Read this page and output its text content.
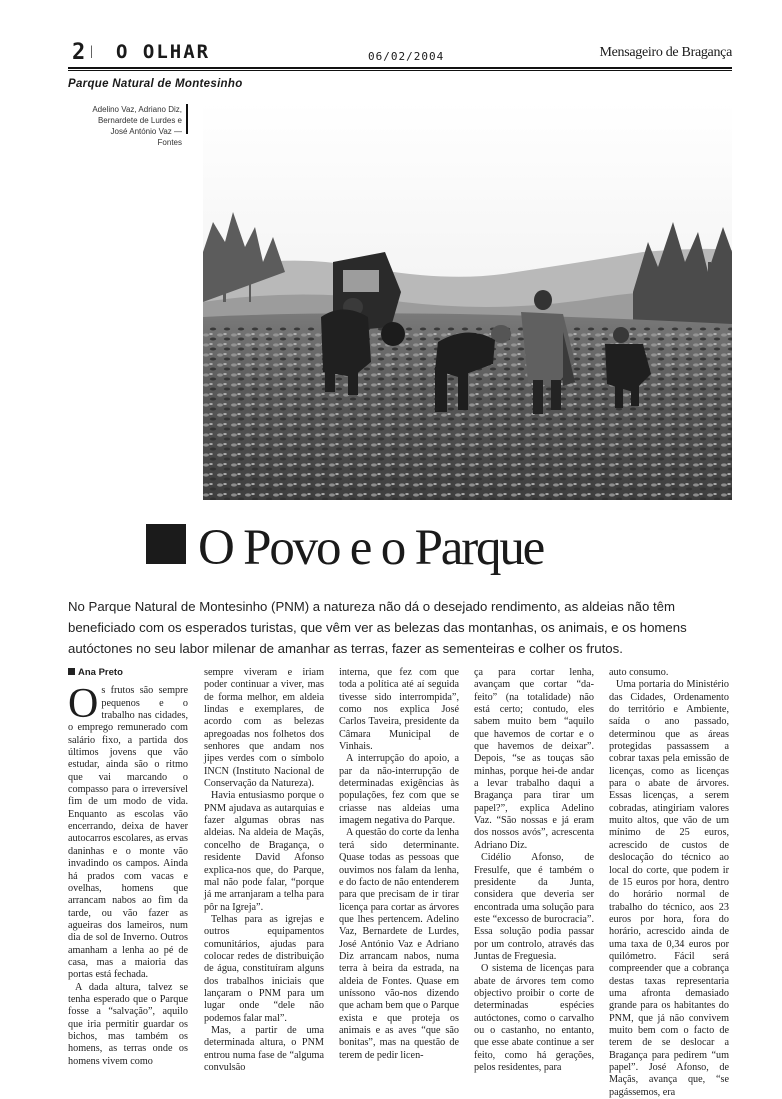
2 | O OLHAR	06/02/2004	Mensageiro de Bragança
Parque Natural de Montesinho
Adelino Vaz, Adriano Diz, Bernardete de Lurdes e José António Vaz — Fontes
O Povo e o Parque
No Parque Natural de Montesinho (PNM) a natureza não dá o desejado rendimento, as aldeias não têm beneficiado com os esperados turistas, que vêm ver as belezas das montanhas, os animais, e os homens autóctones no seu labor milenar de amanhar as terras, fazer as sementeiras e colher os frutos.
Ana Preto

Os frutos são sempre pequenos e o trabalho nas cidades, o emprego remunerado com salário fixo, a partida dos últimos jovens que vão estudar, ainda são o ritmo que vai marcando o compasso para o irreversível fim de um modo de vida. Enquanto as escolas vão encerrando, deixa de haver autocarros escolares, as ervas daninhas e o monte vão invadindo os campos. Ainda há prados com vacas e ovelhas, homens que arrancam nabos ao fim da tarde, ou vão fazer as agueiras dos lameiros, num dia de sol de Inverno. Outros amanham a lenha ao pé de casa, mas a maioria das portas está fechada.

A dada altura, talvez se tenha esperado que o Parque fosse a “salvação”, aquilo que iria permitir guardar os bichos, mas também os homens, as terras onde os homens vivem como

sempre viveram e iriam poder continuar a viver, mas de forma melhor, em aldeia lindas e exemplares, de acordo com as belezas apregoadas nos folhetos dos senhores que andam nos jipes verdes com o símbolo INCN (Instituto Nacional de Conservação da Natureza).

Havia entusiasmo porque o PNM ajudava as autarquias e fazer algumas obras nas aldeias. Na aldeia de Maçãs, concelho de Bragança, o residente David Afonso explica-nos que, do Parque, mal não pode falar, “porque já me arranjaram a telha para pôr na Igreja”.

Telhas para as igrejas e outros equipamentos comunitários, ajudas para colocar redes de distribuição de água, constituíram alguns dos trabalhos iniciais que lançaram o PNM para um lugar onde “dele não podemos falar mal”.

Mas, a partir de uma determinada altura, o PNM entrou numa fase de “alguma convulsão

interna, que fez com que toda a política até aí seguida tivesse sido interrompida”, como nos explica José Carlos Taveira, presidente da Câmara Municipal de Vinhais.

A interrupção do apoio, a par da não-interrupção de determinadas exigências às populações, fez com que se criasse nas aldeias uma imagem negativa do Parque.

A questão do corte da lenha terá sido determinante. Quase todas as pessoas que ouvimos nos falam da lenha, e do facto de não entenderem para que precisam de ir tirar licença para cortar as árvores que lhes pertencem. Adelino Vaz, Bernardete de Lurdes, José António Vaz e Adriano Diz arrancam nabos, numa terra à beira da estrada, na aldeia de Fontes. Quase em uníssono vão-nos dizendo que acham bem que o Parque exista e que proteja os animais e as aves “que são bonitas”, mas na questão de terem de pedir licen-

ça para cortar lenha, avançam que cortar “da-feito” (na totalidade) não está certo; contudo, eles sabem muito bem “aquilo que havemos de cortar e o que havemos de deixar”. Depois, “se as touças são minhas, porque hei-de andar a levar trabalho daqui a Bragança para tirar um papel?”, explica Adelino Vaz. “São nossas e já eram dos nossos avós”, acrescenta Adriano Diz.

Cidélio Afonso, de Fresulfe, que é também o presidente da Junta, considera que deveria ser encontrada uma solução para este “excesso de burocracia”. Essa solução podia passar por um controlo, através das Juntas de Freguesia.

O sistema de licenças para abate de árvores tem como objectivo proibir o corte de determinadas espécies autóctones, como o carvalho ou o castanho, no entanto, que esse abate continue a ser feito, como há gerações, pelos residentes, para

auto consumo.

Uma portaria do Ministério das Cidades, Ordenamento do território e Ambiente, saída o ano passado, determinou que as áreas protegidas passassem a cobrar taxas pela emissão de licenças, como as licenças para o abate de árvores. Essas licenças, a serem cobradas, atingiriam valores muito altos, que vão de um mínimo de 25 euros, acrescido de custos de deslocação do técnico ao local do corte, que podem ir de 15 euros por hora, dentro do horário normal de trabalho do técnico, aos 23 euros por hora, fora do horário, acrescido ainda de uma taxa de 0,34 euros por quilómetro. Fácil será compreender que a cobrança destas taxas representaria uma afronta demasiado grande para os habitantes do PNM, que já não convivem muito bem com o facto de terem de se deslocar a Bragança para pedirem “um papel”. José Afonso, de Maçãs, avança que, “se pagássemos, era
